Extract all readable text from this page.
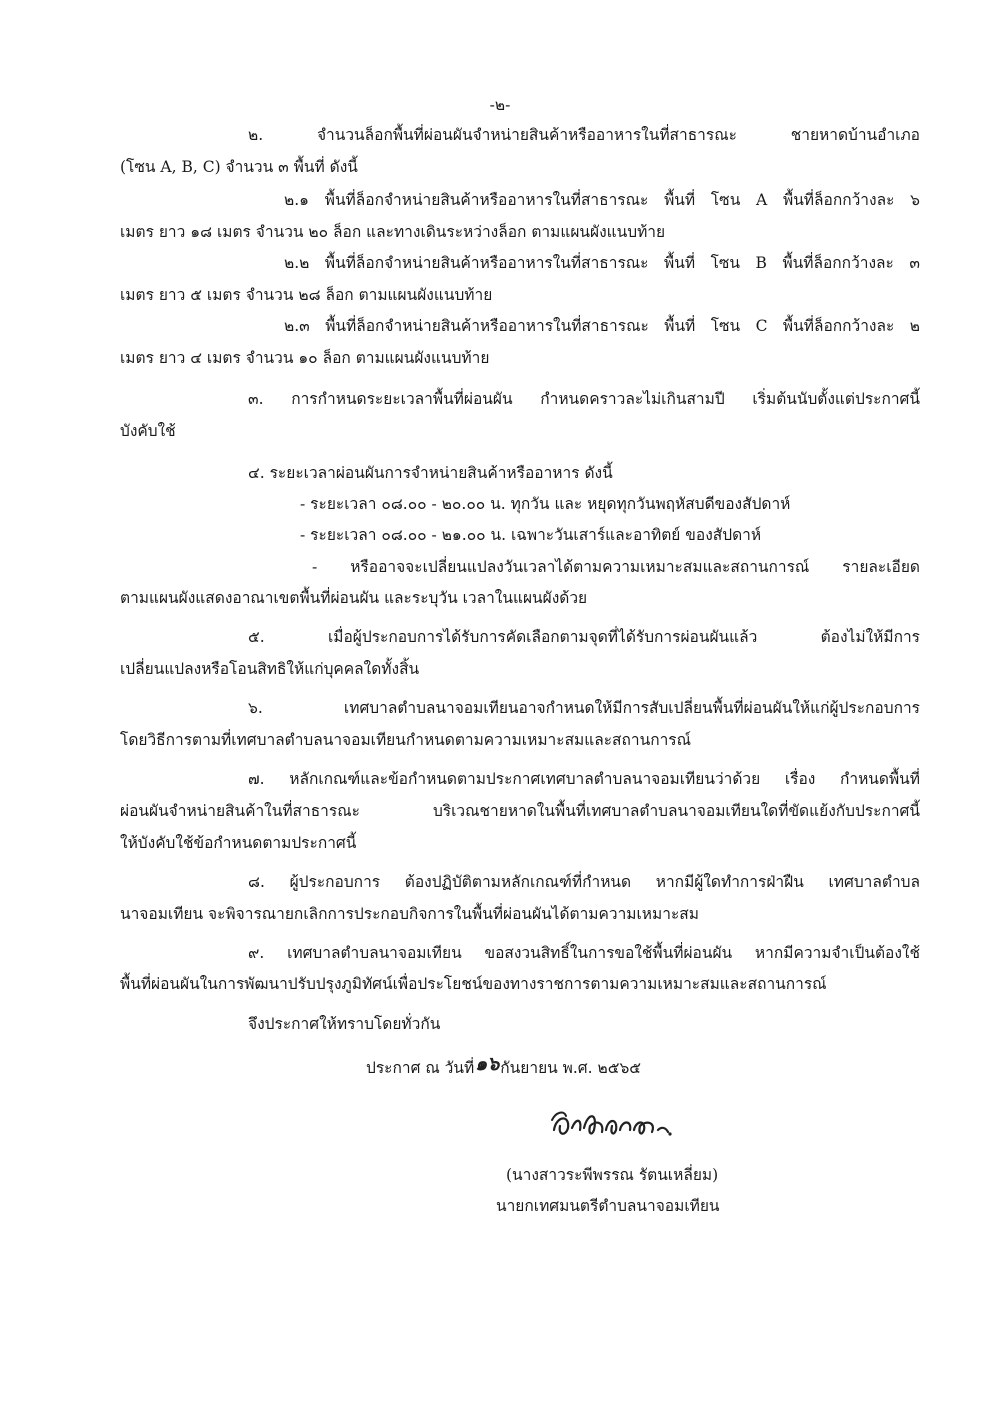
-๒-
๒. จำนวนล็อกพื้นที่ผ่อนผันจำหน่ายสินค้าหรืออาหารในที่สาธารณะ ชายหาดบ้านอำเภอ
(โซน A, B, C) จำนวน ๓ พื้นที่ ดังนี้
๒.๑ พื้นที่ล็อกจำหน่ายสินค้าหรืออาหารในที่สาธารณะ พื้นที่ โซน A พื้นที่ล็อกกว้างละ ๖
เมตร ยาว ๑๘ เมตร จำนวน ๒๐ ล็อก และทางเดินระหว่างล็อก ตามแผนผังแนบท้าย
๒.๒ พื้นที่ล็อกจำหน่ายสินค้าหรืออาหารในที่สาธารณะ พื้นที่ โซน B พื้นที่ล็อกกว้างละ ๓
เมตร ยาว ๕ เมตร จำนวน ๒๘ ล็อก ตามแผนผังแนบท้าย
๒.๓ พื้นที่ล็อกจำหน่ายสินค้าหรืออาหารในที่สาธารณะ พื้นที่ โซน C พื้นที่ล็อกกว้างละ ๒
เมตร ยาว ๔ เมตร จำนวน ๑๐ ล็อก ตามแผนผังแนบท้าย
๓. การกำหนดระยะเวลาพื้นที่ผ่อนผัน กำหนดคราวละไม่เกินสามปี เริ่มต้นนับตั้งแต่ประกาศนี้
บังคับใช้
๔. ระยะเวลาผ่อนผันการจำหน่ายสินค้าหรืออาหาร ดังนี้
- ระยะเวลา ๐๘.๐๐ - ๒๐.๐๐ น. ทุกวัน และ หยุดทุกวันพฤหัสบดีของสัปดาห์
- ระยะเวลา ๐๘.๐๐ - ๒๑.๐๐ น. เฉพาะวันเสาร์และอาทิตย์ ของสัปดาห์
- หรืออาจจะเปลี่ยนแปลงวันเวลาได้ตามความเหมาะสมและสถานการณ์ รายละเอียด
ตามแผนผังแสดงอาณาเขตพื้นที่ผ่อนผัน และระบุวัน เวลาในแผนผังด้วย
๕. เมื่อผู้ประกอบการได้รับการคัดเลือกตามจุดที่ได้รับการผ่อนผันแล้ว ต้องไม่ให้มีการ
เปลี่ยนแปลงหรือโอนสิทธิให้แก่บุคคลใดทั้งสิ้น
๖. เทศบาลตำบลนาจอมเทียนอาจกำหนดให้มีการสับเปลี่ยนพื้นที่ผ่อนผันให้แก่ผู้ประกอบการ
โดยวิธีการตามที่เทศบาลตำบลนาจอมเทียนกำหนดตามความเหมาะสมและสถานการณ์
๗. หลักเกณฑ์และข้อกำหนดตามประกาศเทศบาลตำบลนาจอมเทียนว่าด้วย เรื่อง กำหนดพื้นที่
ผ่อนผันจำหน่ายสินค้าในที่สาธารณะ บริเวณชายหาดในพื้นที่เทศบาลตำบลนาจอมเทียนใดที่ขัดแย้งกับประกาศนี้
ให้บังคับใช้ข้อกำหนดตามประกาศนี้
๘. ผู้ประกอบการ ต้องปฏิบัติตามหลักเกณฑ์ที่กำหนด หากมีผู้ใดทำการฝ่าฝืน เทศบาลตำบล
นาจอมเทียน จะพิจารณายกเลิกการประกอบกิจการในพื้นที่ผ่อนผันได้ตามความเหมาะสม
๙. เทศบาลตำบลนาจอมเทียน ขอสงวนสิทธิ์ในการขอใช้พื้นที่ผ่อนผัน หากมีความจำเป็นต้องใช้
พื้นที่ผ่อนผันในการพัฒนาปรับปรุงภูมิทัศน์เพื่อประโยชน์ของทางราชการตามความเหมาะสมและสถานการณ์
จึงประกาศให้ทราบโดยทั่วกัน
ประกาศ ณ วันที่๑๖กันยายน พ.ศ. ๒๕๖๕
(นางสาวระพีพรรณ รัตนเหลี่ยม)
นายกเทศมนตรีตำบลนาจอมเทียน
